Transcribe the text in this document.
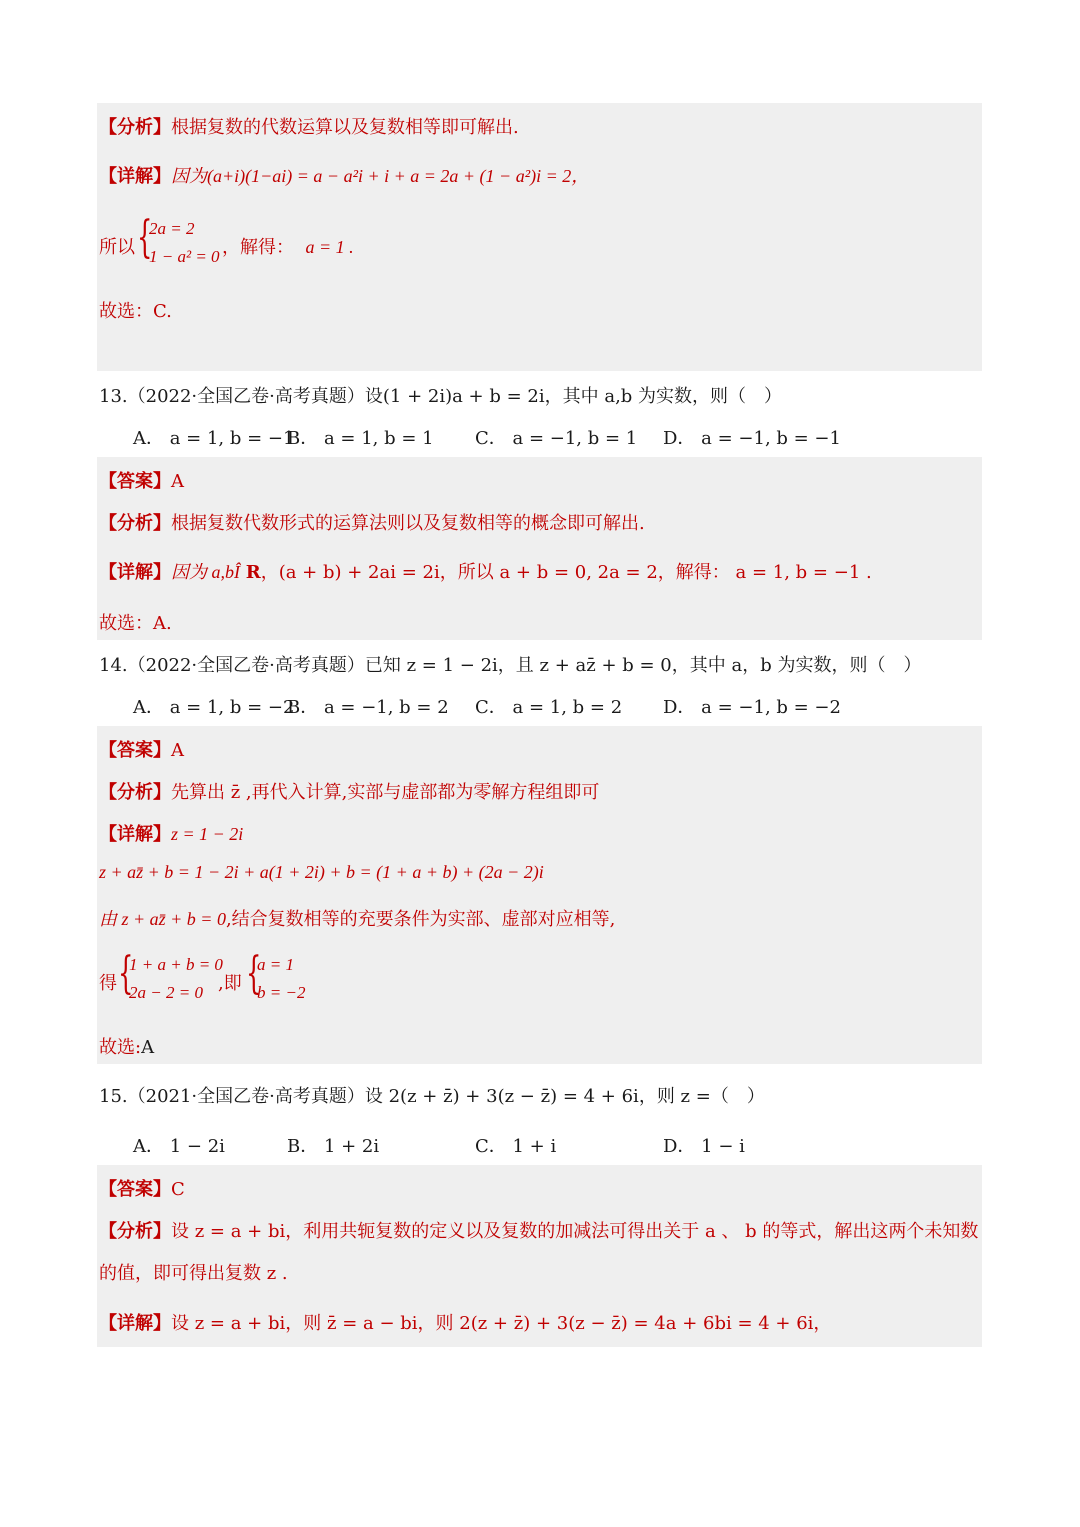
【分析】根据复数的代数运算以及复数相等即可解出.
【详解】因为(a+i)(1−ai) = a − a²i + i + a = 2a + (1 − a²)i = 2，
所以 {
2a = 2
1 − a² = 0 ，解得： a = 1 .
故选：C.
13.（2022·全国乙卷·高考真题）设(1 + 2i)a + b = 2i，其中 a,b 为实数，则（　）
A． a = 1, b = −1
B． a = 1, b = 1 C． a = −1, b = 1 D． a = −1, b = −1
【答案】A
【分析】根据复数代数形式的运算法则以及复数相等的概念即可解出.
【详解】因为 a,bÎ R，(a + b) + 2ai = 2i，所以 a + b = 0, 2a = 2，解得： a = 1, b = −1 .
故选：A.
14.（2022·全国乙卷·高考真题）已知 z = 1 − 2i，且 z + az̄ + b = 0，其中 a，b 为实数，则（　）
A． a = 1, b = −2
B． a = −1, b = 2 C． a = 1, b = 2 D． a = −1, b = −2
【答案】A
【分析】先算出 z̄ ,再代入计算,实部与虚部都为零解方程组即可
【详解】z = 1 − 2i
z + az̄ + b = 1 − 2i + a(1 + 2i) + b = (1 + a + b) + (2a − 2)i
由 z + az̄ + b = 0,结合复数相等的充要条件为实部、虚部对应相等,
得 {
1 + a + b = 0
2a − 2 = 0 ,即 {
a = 1
b = −2
故选:A
15.（2021·全国乙卷·高考真题）设 2(z + z̄) + 3(z − z̄) = 4 + 6i，则 z =（　）
A． 1 − 2i	B． 1 + 2i	C． 1 + i	D． 1 − i
【答案】C
【分析】设 z = a + bi，利用共轭复数的定义以及复数的加减法可得出关于 a 、 b 的等式，解出这两个未知数
的值，即可得出复数 z .
【详解】设 z = a + bi，则 z̄ = a − bi，则 2(z + z̄) + 3(z − z̄) = 4a + 6bi = 4 + 6i，
